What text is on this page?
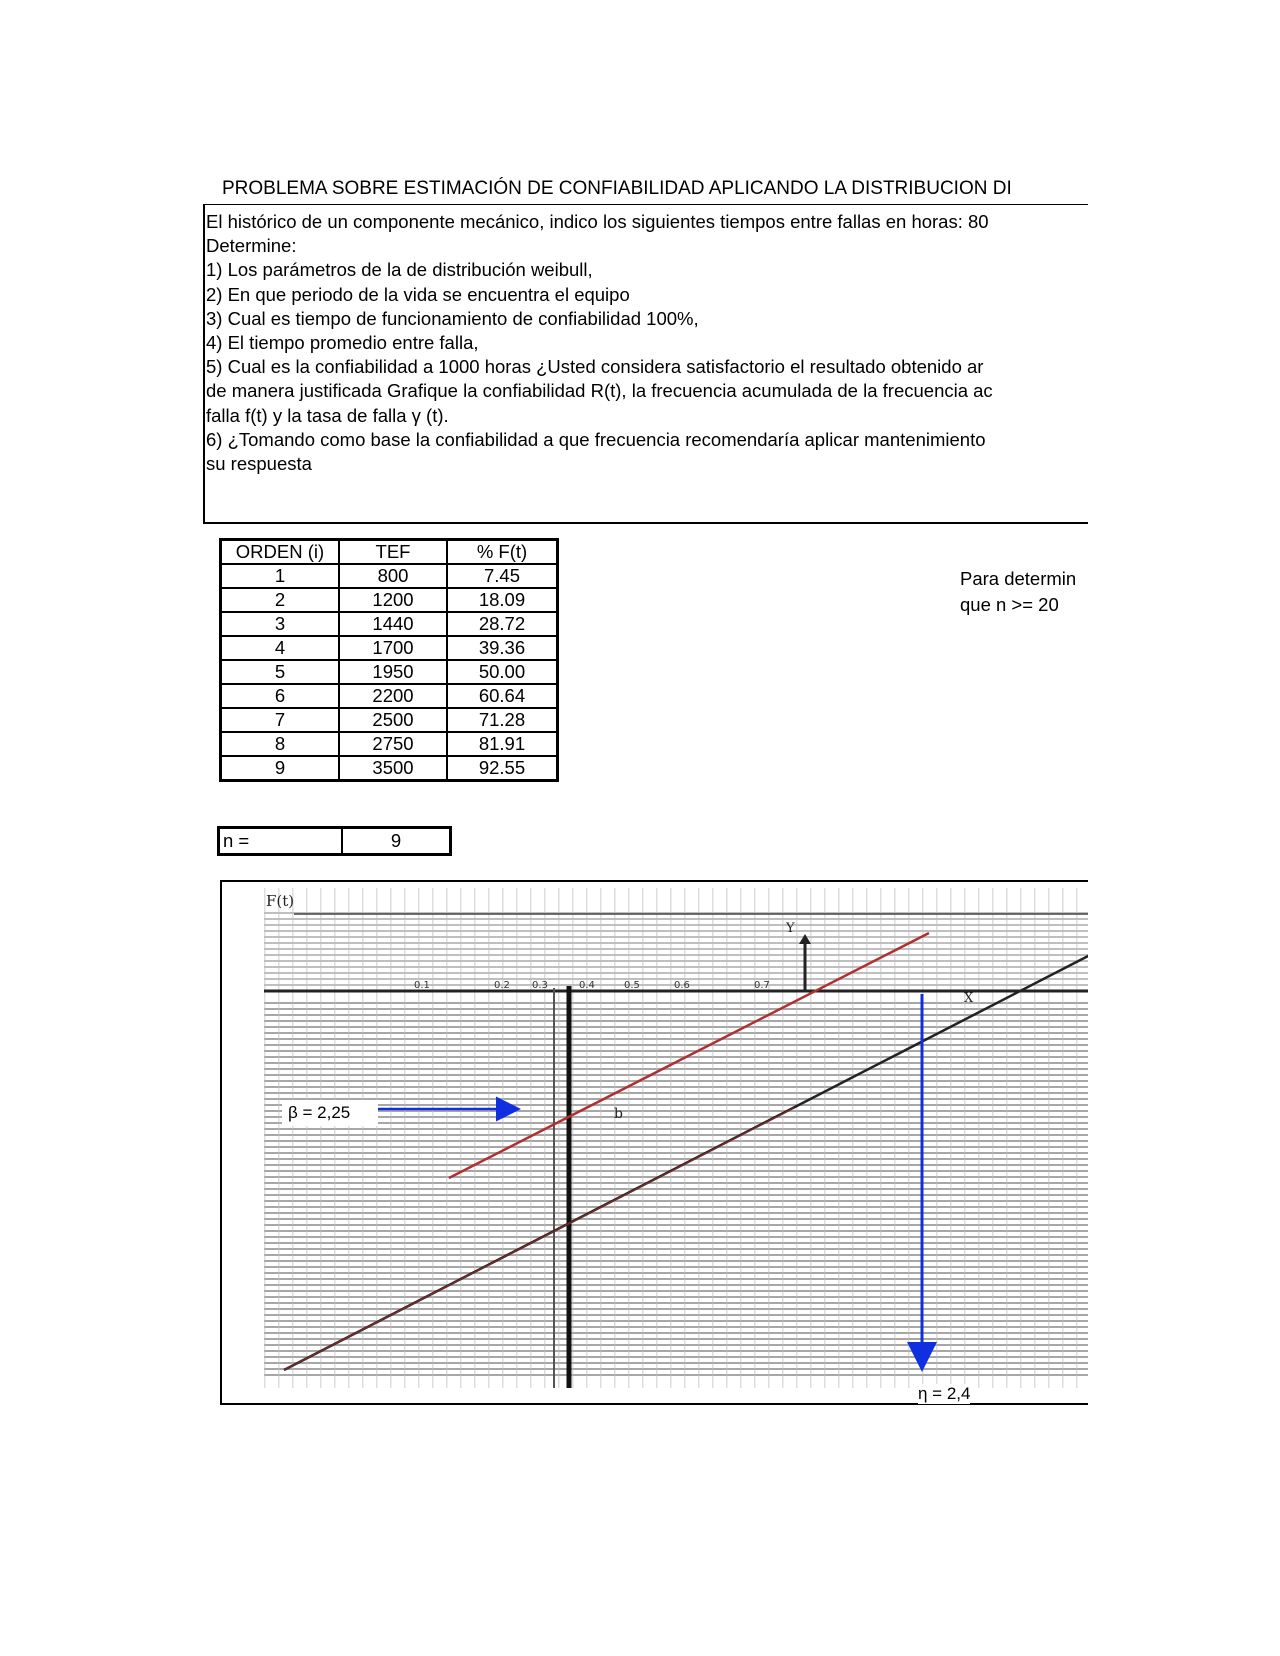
PROBLEMA SOBRE ESTIMACIÓN DE CONFIABILIDAD APLICANDO LA DISTRIBUCION DI
El histórico de un componente mecánico, indico los siguientes tiempos entre fallas en horas: 80
Determine:
1) Los parámetros de la de distribución weibull,
2) En que periodo de la vida se encuentra el equipo
3) Cual es tiempo de funcionamiento de confiabilidad 100%,
4) El tiempo promedio entre falla,
5) Cual es la confiabilidad a 1000 horas ¿Usted considera satisfactorio el resultado obtenido ar
de manera justificada Grafique la confiabilidad R(t), la frecuencia acumulada de la frecuencia ac
falla f(t) y la tasa de falla γ (t).
6) ¿Tomando como base la confiabilidad a que frecuencia recomendaría aplicar mantenimiento
su respuesta
ORDEN (i)	TEF	% F(t)
1	800	7.45
2	1200	18.09
3	1440	28.72
4	1700	39.36
5	1950	50.00
6	2200	60.64
7	2500	71.28
8	2750	81.91
9	3500	92.55
n =	9
Para determin
que n >= 20
F(t)
0.1	0.2 0.3	0.4	0.5	0.6	0.7
Y
X
b
β = 2,25
η = 2,4
